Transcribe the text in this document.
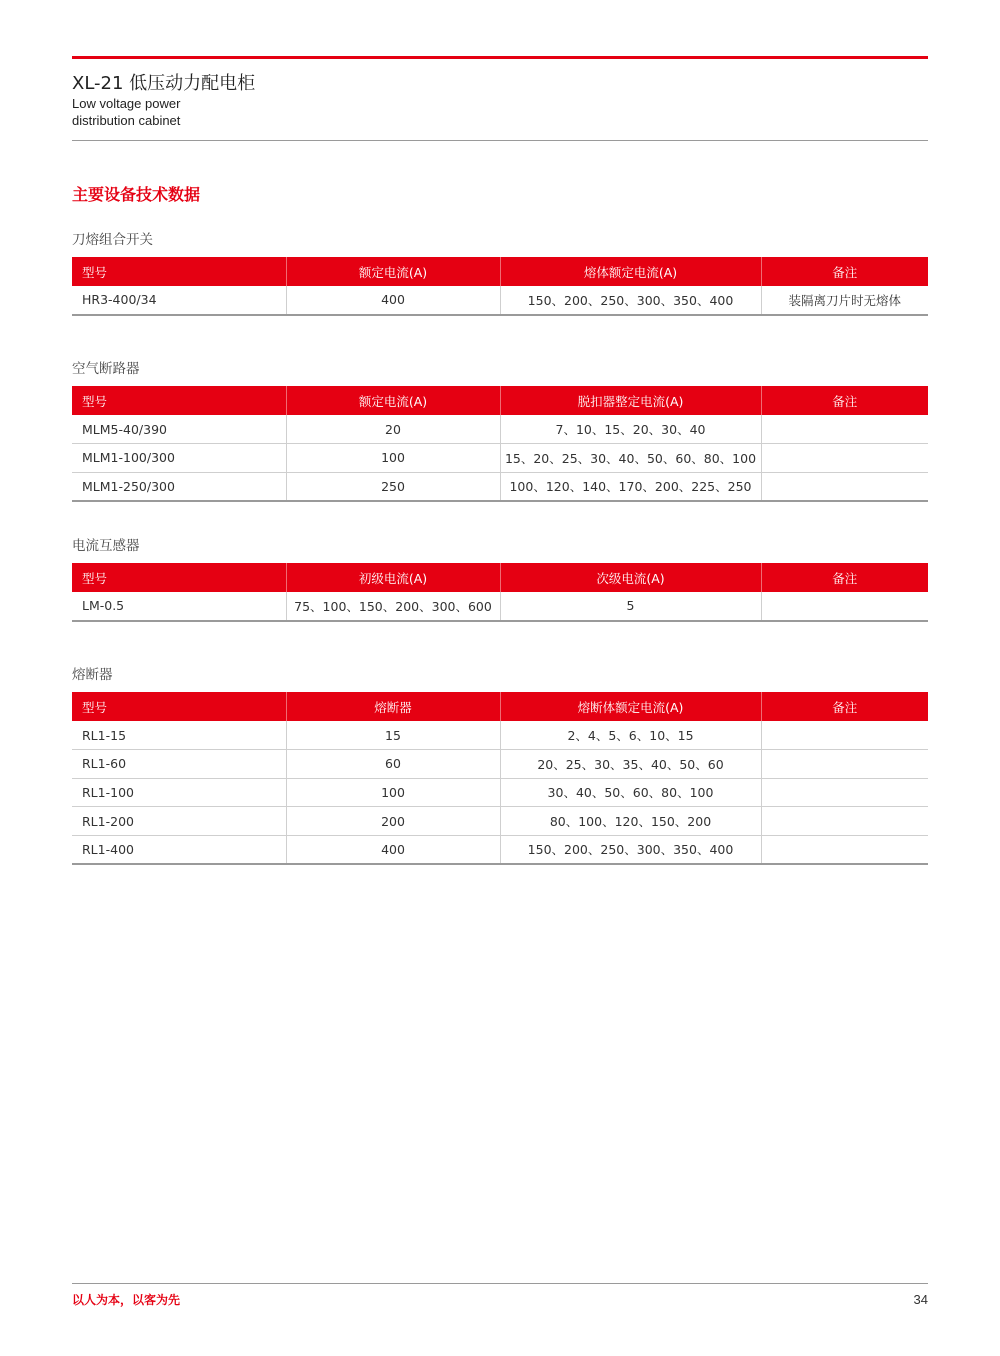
XL-21 低压动力配电柜
Low voltage power
distribution cabinet
主要设备技术数据
刀熔组合开关
型号	额定电流(A)	熔体额定电流(A)	备注
HR3-400/34	400	150、200、250、300、350、400	装隔离刀片时无熔体
空气断路器
型号	额定电流(A)	脱扣器整定电流(A)	备注
MLM5-40/390	20	7、10、15、20、30、40	
MLM1-100/300	100	15、20、25、30、40、50、60、80、100	
MLM1-250/300	250	100、120、140、170、200、225、250	
电流互感器
型号	初级电流(A)	次级电流(A)	备注
LM-0.5	75、100、150、200、300、600	5	
熔断器
型号	熔断器	熔断体额定电流(A)	备注
RL1-15	15	2、4、5、6、10、15	
RL1-60	60	20、25、30、35、40、50、60	
RL1-100	100	30、40、50、60、80、100	
RL1-200	200	80、100、120、150、200	
RL1-400	400	150、200、250、300、350、400	
以人为本，以客为先	34
